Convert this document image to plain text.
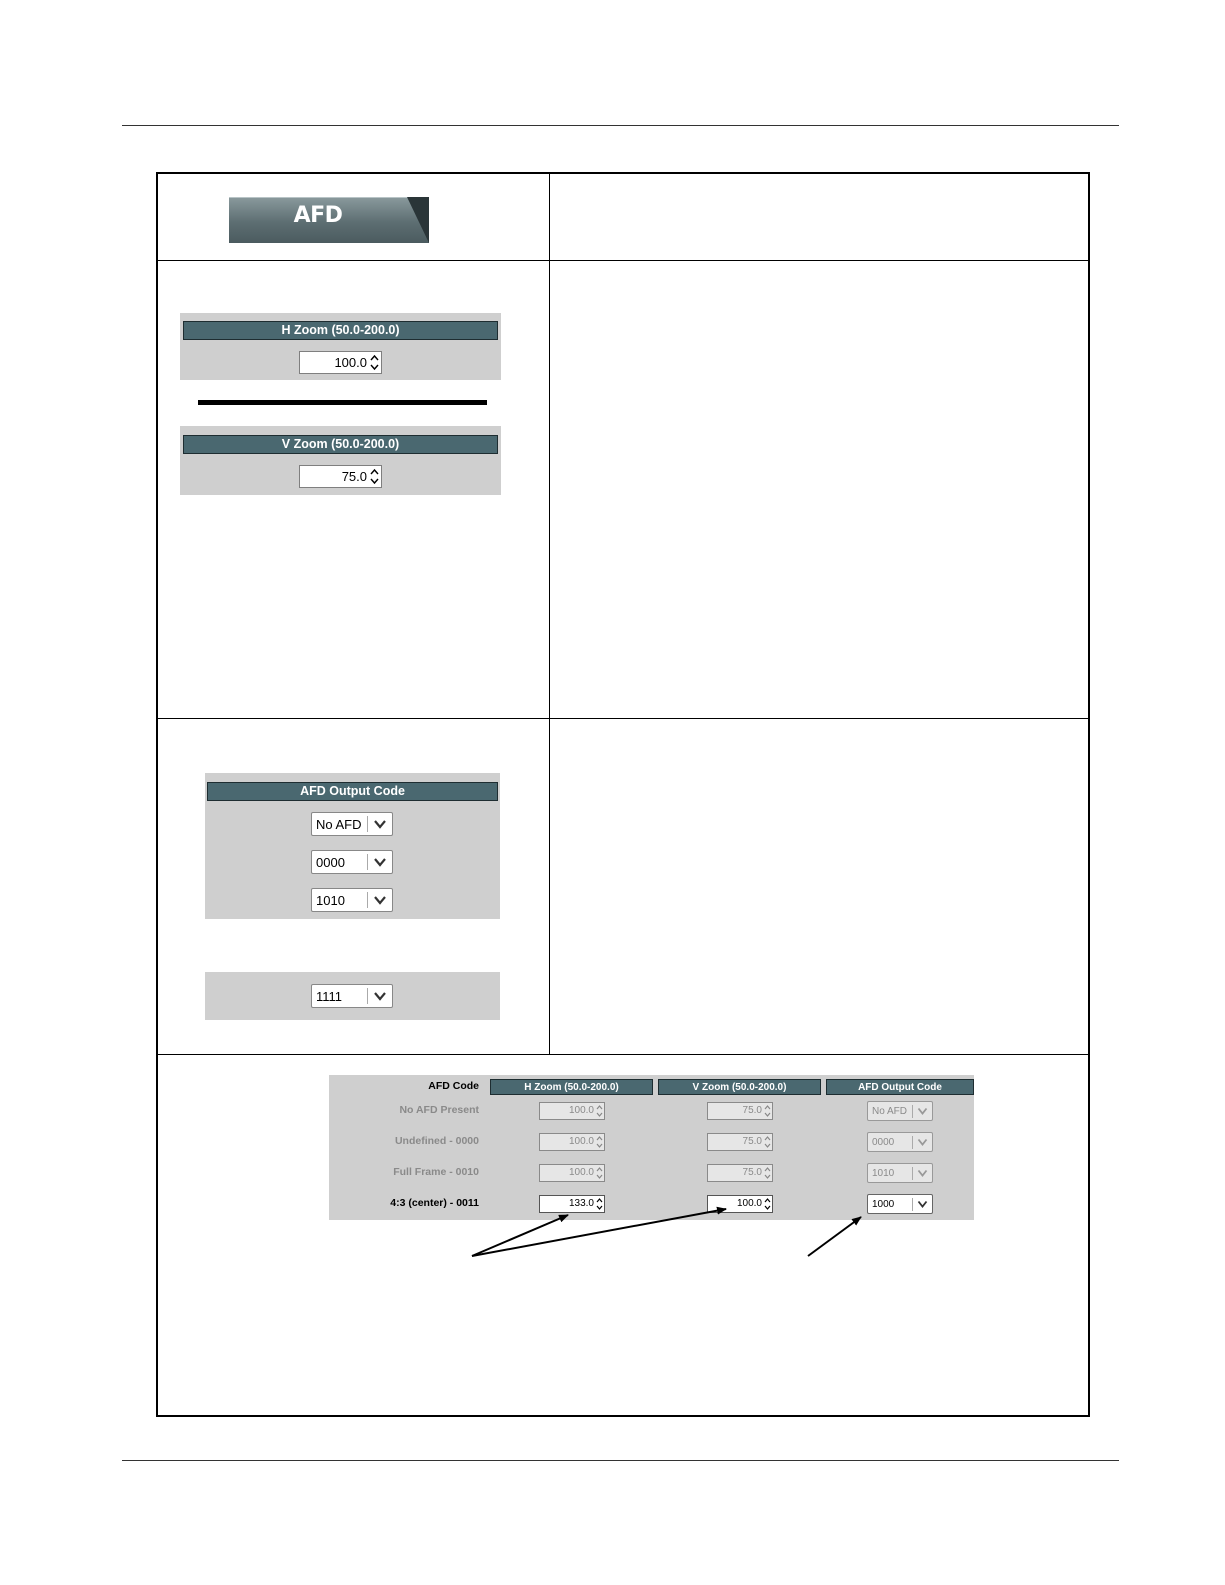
AFD
H Zoom (50.0-200.0)
100.0
V Zoom (50.0-200.0)
75.0
AFD Output Code
No AFD
0000
1010
1111
AFD Code	H Zoom (50.0-200.0)	V Zoom (50.0-200.0)	AFD Output Code
No AFD Present	100.0	75.0	No AFD
Undefined - 0000	100.0	75.0	0000
Full Frame - 0010	100.0	75.0	1010
4:3 (center) - 0011	133.0	100.0	1000
